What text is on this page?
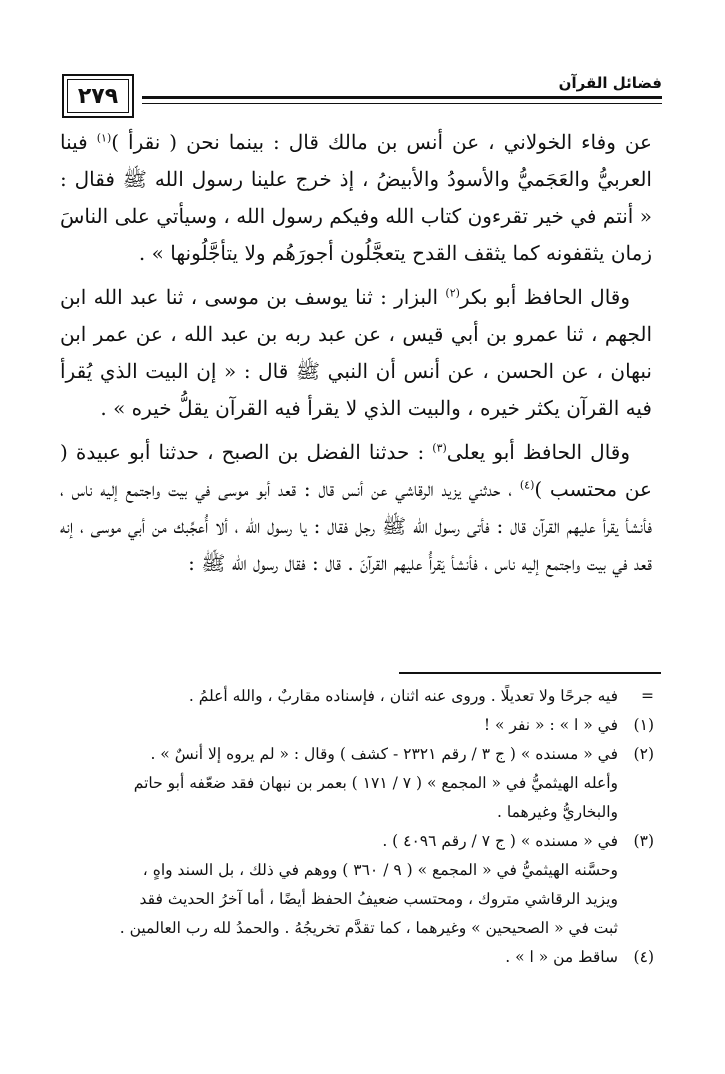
٢٧٩
فضائل القرآن

عن وفاء الخولاني ، عن أنس بن مالك قال : بينما نحن ( نقرأ )$^{(١)}$ فينا العربيُّ والعَجَميُّ والأسودُ والأبيضُ ، إذ خرج علينا رسول الله ﷺ فقال : « أنتم في خير تقرءون كتاب الله وفيكم رسول الله ، وسيأتي على الناسَ زمان يثقفونه كما يثقف القدح يتعجَّلُون أجورَهُم ولا يتأجَّلُونها » .

وقال الحافظ أبو بكر$^{(٢)}$ البزار : ثنا يوسف بن موسى ، ثنا عبد الله ابن الجهم ، ثنا عمرو بن أبي قيس ، عن عبد ربه بن عبد الله ، عن عمر ابن نبهان ، عن الحسن ، عن أنس أن النبي ﷺ قال : « إن البيت الذي يُقرأ فيه القرآن يكثر خيره ، والبيت الذي لا يقرأ فيه القرآن يقلُّ خيره » .

وقال الحافظ أبو يعلى$^{(٣)}$ : حدثنا الفضل بن الصبح ، حدثنا أبو عبيدة ( عن محتسب )$^{(٤)}$ ، حدثني يزيد الرقاشي عن أنس قال : قعد أبو موسى في بيت واجتمع إليه ناس ، فأنشأ يقرأ عليهم القرآن قال : فأتى رسول الله ﷺ رجل فقال : يا رسول الله ، ألا أُعجِّبك من أبي موسى ، إنه قعد في بيت واجتمع إليه ناس ، فأنشأ يَقرأُ عليهم القرآنَ . قال : فقال رسول الله ﷺ :

=
فيه جرحًا ولا تعديلًا . وروى عنه اثنان ، فإسناده مقاربٌ ، والله أعلمُ .
(١)
في « ا » : « نفر » !
(٢)
في « مسنده » ( ج ٣ / رقم ٢٣٢١ - كشف ) وقال : « لم يروه إلا أنسٌ » .
وأعله الهيثميُّ في « المجمع » ( ٧ / ١٧١ ) بعمر بن نبهان فقد ضعّفه أبو حاتم
والبخاريُّ وغيرهما .
(٣)
في « مسنده » ( ج ٧ / رقم ٤٠٩٦ ) .
وحسَّنه الهيثميُّ في « المجمع » ( ٩ / ٣٦٠ ) ووهم في ذلك ، بل السند واهٍ ،
ويزيد الرقاشي متروك ، ومحتسب ضعيفُ الحفظ أيضًا ، أما آخرُ الحديث فقد
ثبت في « الصحيحين » وغيرهما ، كما تقدَّم تخريجُهُ . والحمدُ لله رب العالمين .
(٤)
ساقط من « ا » .
